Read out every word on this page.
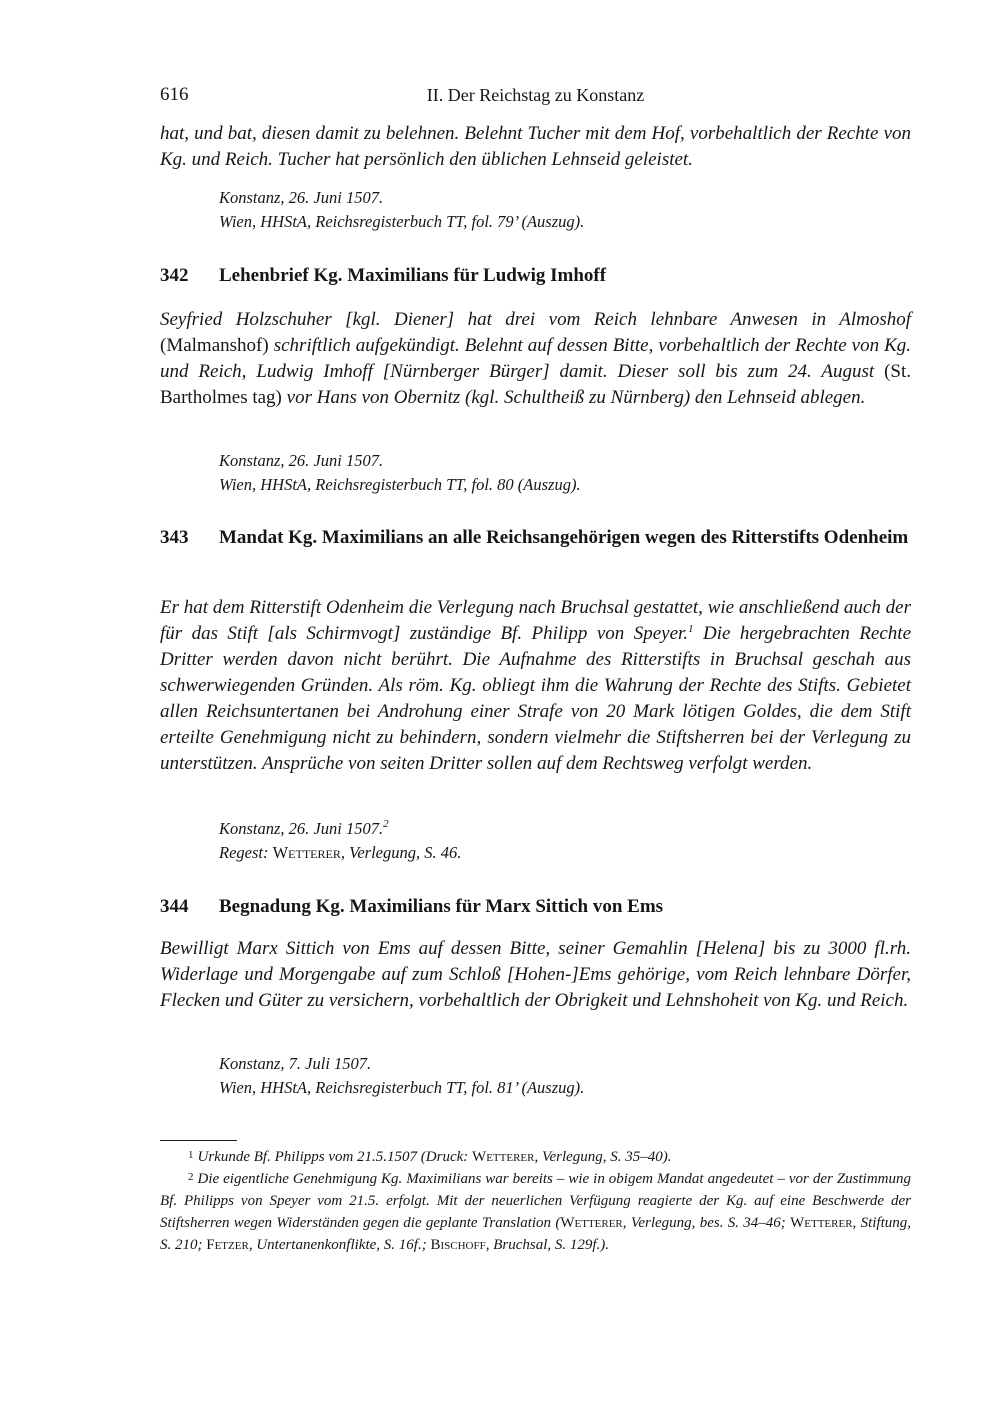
616	II. Der Reichstag zu Konstanz
hat, und bat, diesen damit zu belehnen. Belehnt Tucher mit dem Hof, vorbehaltlich der Rechte von Kg. und Reich. Tucher hat persönlich den üblichen Lehnseid geleistet.
Konstanz, 26. Juni 1507.
Wien, HHStA, Reichsregisterbuch TT, fol. 79’ (Auszug).
342 Lehenbrief Kg. Maximilians für Ludwig Imhoff
Seyfried Holzschuher [kgl. Diener] hat drei vom Reich lehnbare Anwesen in Almoshof (Malmanshof) schriftlich aufgekündigt. Belehnt auf dessen Bitte, vorbehaltlich der Rechte von Kg. und Reich, Ludwig Imhoff [Nürnberger Bürger] damit. Dieser soll bis zum 24. August (St. Bartholmes tag) vor Hans von Obernitz (kgl. Schultheiß zu Nürnberg) den Lehnseid ablegen.
Konstanz, 26. Juni 1507.
Wien, HHStA, Reichsregisterbuch TT, fol. 80 (Auszug).
343 Mandat Kg. Maximilians an alle Reichsangehörigen wegen des Ritterstifts Odenheim
Er hat dem Ritterstift Odenheim die Verlegung nach Bruchsal gestattet, wie anschließend auch der für das Stift [als Schirmvogt] zuständige Bf. Philipp von Speyer.$^1$ Die hergebrachten Rechte Dritter werden davon nicht berührt. Die Aufnahme des Ritterstifts in Bruchsal geschah aus schwerwiegenden Gründen. Als röm. Kg. obliegt ihm die Wahrung der Rechte des Stifts. Gebietet allen Reichsuntertanen bei Androhung einer Strafe von 20 Mark lötigen Goldes, die dem Stift erteilte Genehmigung nicht zu behindern, sondern vielmehr die Stiftsherren bei der Verlegung zu unterstützen. Ansprüche von seiten Dritter sollen auf dem Rechtsweg verfolgt werden.
Konstanz, 26. Juni 1507.$^2$
Regest: Wetterer, Verlegung, S. 46.
344 Begnadung Kg. Maximilians für Marx Sittich von Ems
Bewilligt Marx Sittich von Ems auf dessen Bitte, seiner Gemahlin [Helena] bis zu 3000 fl.rh. Widerlage und Morgengabe auf zum Schloß [Hohen-]Ems gehörige, vom Reich lehnbare Dörfer, Flecken und Güter zu versichern, vorbehaltlich der Obrigkeit und Lehnshoheit von Kg. und Reich.
Konstanz, 7. Juli 1507.
Wien, HHStA, Reichsregisterbuch TT, fol. 81’ (Auszug).
$^1$ Urkunde Bf. Philipps vom 21.5.1507 (Druck: Wetterer, Verlegung, S. 35–40).
$^2$ Die eigentliche Genehmigung Kg. Maximilians war bereits – wie in obigem Mandat angedeutet – vor der Zustimmung Bf. Philipps von Speyer vom 21.5. erfolgt. Mit der neuerlichen Verfügung reagierte der Kg. auf eine Beschwerde der Stiftsherren wegen Widerständen gegen die geplante Translation (Wetterer, Verlegung, bes. S. 34–46; Wetterer, Stiftung, S. 210; Fetzer, Untertanenkonflikte, S. 16f.; Bischoff, Bruchsal, S. 129f.).
